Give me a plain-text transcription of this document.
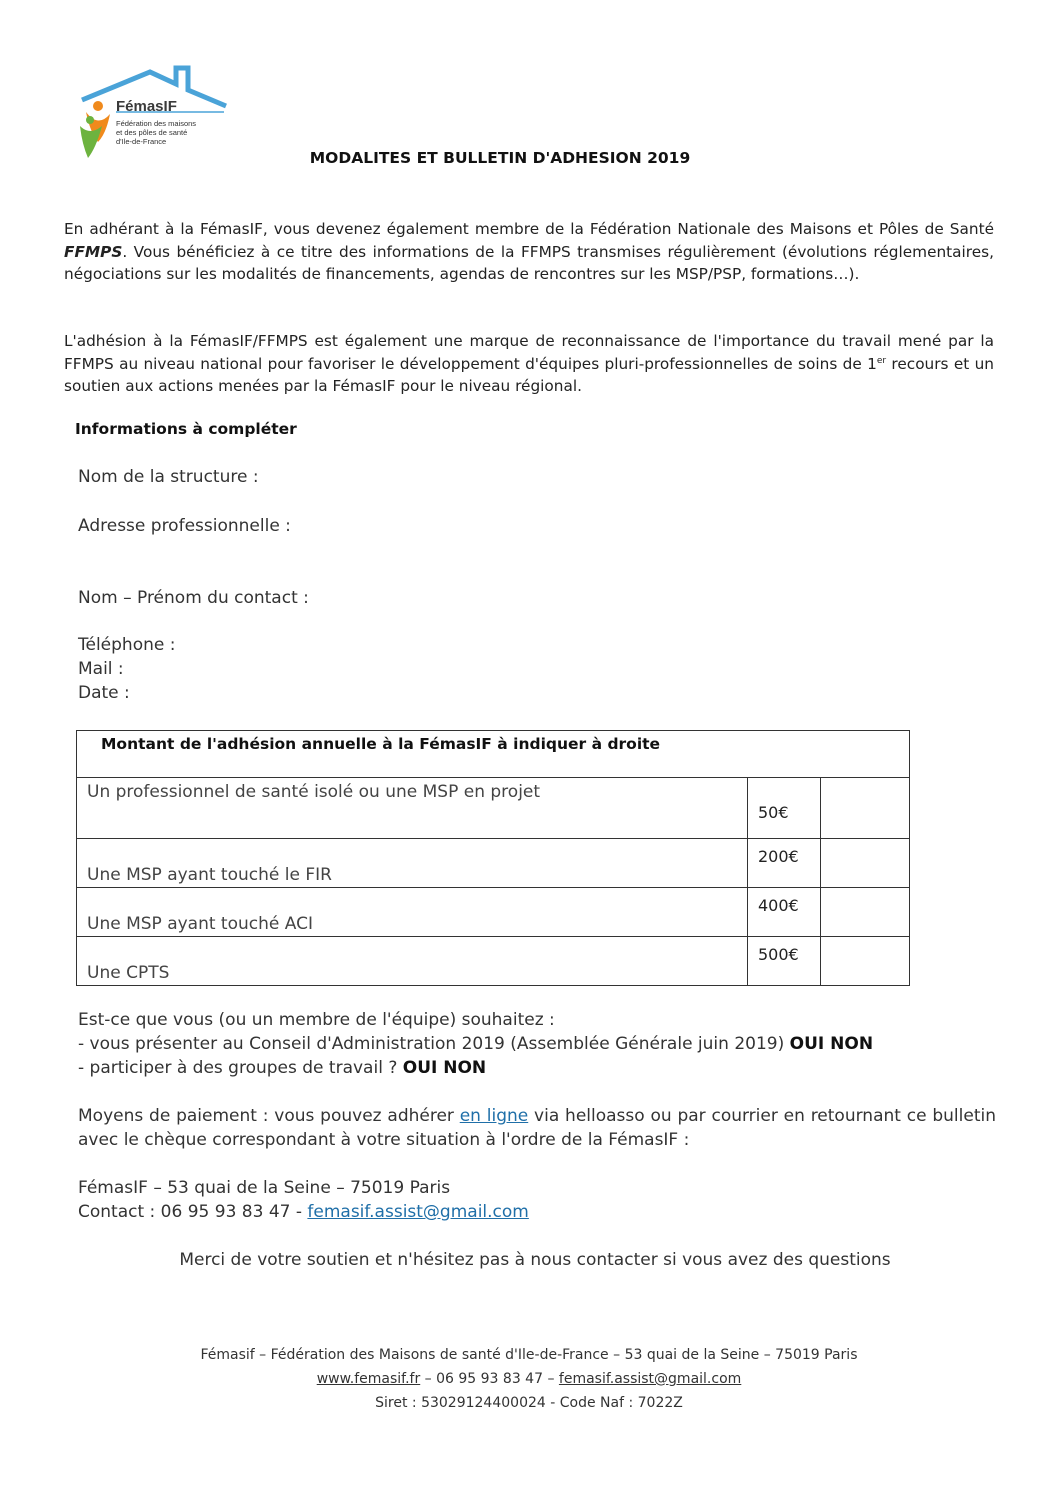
FémasIF
Fédération des maisons
et des pôles de santé
d'Ile-de-France
MODALITES ET BULLETIN D'ADHESION 2019
En adhérant à la FémasIF, vous devenez également membre de la Fédération Nationale des Maisons et Pôles de Santé FFMPS. Vous bénéficiez à ce titre des informations de la FFMPS transmises régulièrement (évolutions réglementaires, négociations sur les modalités de financements, agendas de rencontres sur les MSP/PSP, formations…).
L'adhésion à la FémasIF/FFMPS est également une marque de reconnaissance de l'importance du travail mené par la FFMPS au niveau national pour favoriser le développement d'équipes pluri-professionnelles de soins de 1er recours et un soutien aux actions menées par la FémasIF pour le niveau régional.
Informations à compléter
Nom de la structure :
Adresse professionnelle :
Nom – Prénom du contact :
Téléphone :
Mail :
Date :
Montant de l'adhésion annuelle à la FémasIF à indiquer à droite		
Un professionnel de santé isolé ou une MSP en projet	50€	
Une MSP ayant touché le FIR	200€	
Une MSP ayant touché ACI	400€	
Une CPTS	500€	
Est-ce que vous (ou un membre de l'équipe) souhaitez :
- vous présenter au Conseil d'Administration 2019 (Assemblée Générale juin 2019) OUI NON
- participer à des groupes de travail ? OUI NON
Moyens de paiement : vous pouvez adhérer en ligne via helloasso ou par courrier en retournant ce bulletin avec le chèque correspondant à votre situation à l'ordre de la FémasIF :
FémasIF – 53 quai de la Seine – 75019 Paris
Contact : 06 95 93 83 47 - femasif.assist@gmail.com
Merci de votre soutien et n'hésitez pas à nous contacter si vous avez des questions
Fémasif – Fédération des Maisons de santé d'Ile-de-France – 53 quai de la Seine – 75019 Paris
www.femasif.fr – 06 95 93 83 47 – femasif.assist@gmail.com
Siret : 53029124400024 - Code Naf : 7022Z
